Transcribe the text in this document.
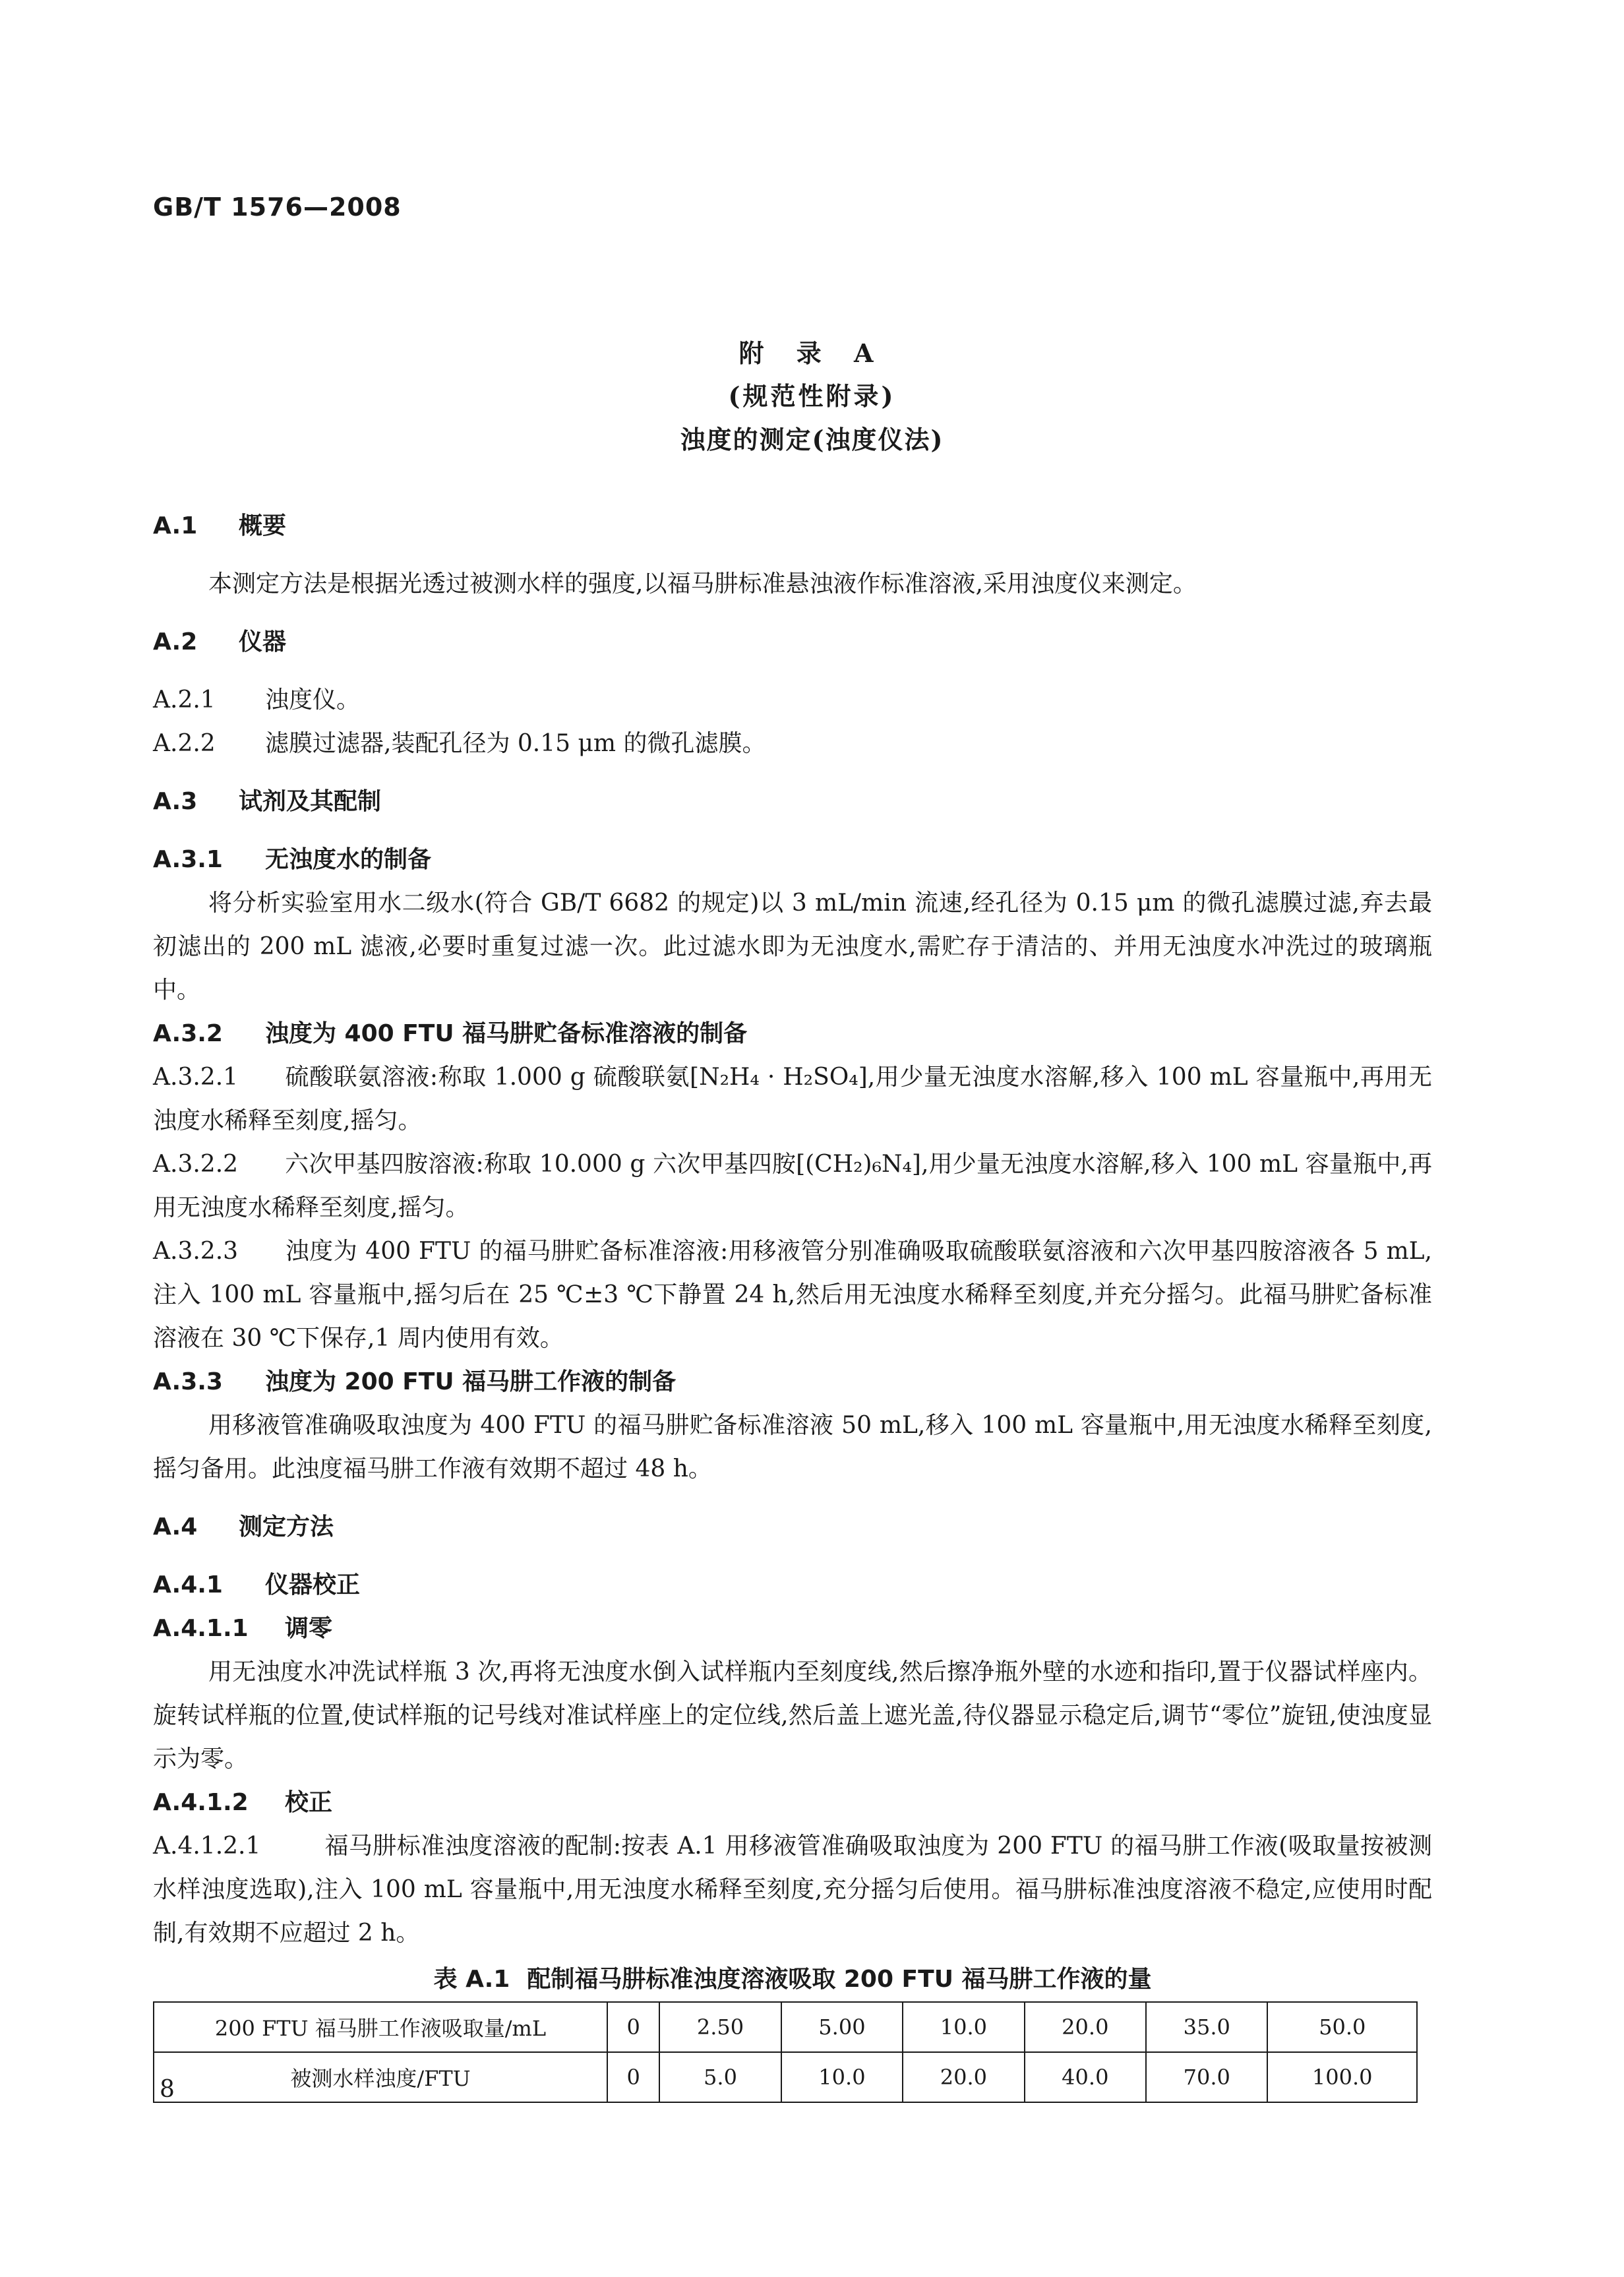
GB/T 1576—2008
附 录 A
(规范性附录)
浊度的测定(浊度仪法)
A.1 概要

本测定方法是根据光透过被测水样的强度,以福马肼标准悬浊液作标准溶液,采用浊度仪来测定。

A.2 仪器
A.2.1 浊度仪。
A.2.2 滤膜过滤器,装配孔径为 0.15 μm 的微孔滤膜。
A.3 试剂及其配制
A.3.1 无浊度水的制备

将分析实验室用水二级水(符合 GB/T 6682 的规定)以 3 mL/min 流速,经孔径为 0.15 μm 的微孔滤膜过滤,弃去最初滤出的 200 mL 滤液,必要时重复过滤一次。此过滤水即为无浊度水,需贮存于清洁的、并用无浊度水冲洗过的玻璃瓶中。

A.3.2 浊度为 400 FTU 福马肼贮备标准溶液的制备

A.3.2.1 硫酸联氨溶液:称取 1.000 g 硫酸联氨[N₂H₄ · H₂SO₄],用少量无浊度水溶解,移入 100 mL 容量瓶中,再用无浊度水稀释至刻度,摇匀。

A.3.2.2 六次甲基四胺溶液:称取 10.000 g 六次甲基四胺[(CH₂)₆N₄],用少量无浊度水溶解,移入 100 mL 容量瓶中,再用无浊度水稀释至刻度,摇匀。

A.3.2.3 浊度为 400 FTU 的福马肼贮备标准溶液:用移液管分别准确吸取硫酸联氨溶液和六次甲基四胺溶液各 5 mL,注入 100 mL 容量瓶中,摇匀后在 25 ℃±3 ℃下静置 24 h,然后用无浊度水稀释至刻度,并充分摇匀。此福马肼贮备标准溶液在 30 ℃下保存,1 周内使用有效。

A.3.3 浊度为 200 FTU 福马肼工作液的制备

用移液管准确吸取浊度为 400 FTU 的福马肼贮备标准溶液 50 mL,移入 100 mL 容量瓶中,用无浊度水稀释至刻度,摇匀备用。此浊度福马肼工作液有效期不超过 48 h。

A.4 测定方法
A.4.1 仪器校正
A.4.1.1 调零

用无浊度水冲洗试样瓶 3 次,再将无浊度水倒入试样瓶内至刻度线,然后擦净瓶外壁的水迹和指印,置于仪器试样座内。旋转试样瓶的位置,使试样瓶的记号线对准试样座上的定位线,然后盖上遮光盖,待仪器显示稳定后,调节“零位”旋钮,使浊度显示为零。

A.4.1.2 校正

A.4.1.2.1	福马肼标准浊度溶液的配制:按表 A.1 用移液管准确吸取浊度为 200 FTU 的福马肼工作液(吸取量按被测水样浊度选取),注入 100 mL 容量瓶中,用无浊度水稀释至刻度,充分摇匀后使用。福马肼标准浊度溶液不稳定,应使用时配制,有效期不应超过 2 h。

表 A.1 配制福马肼标准浊度溶液吸取 200 FTU 福马肼工作液的量
200 FTU 福马肼工作液吸取量/mL	0	2.50	5.00	10.0	20.0	35.0	50.0
被测水样浊度/FTU	0	5.0	10.0	20.0	40.0	70.0	100.0
8
